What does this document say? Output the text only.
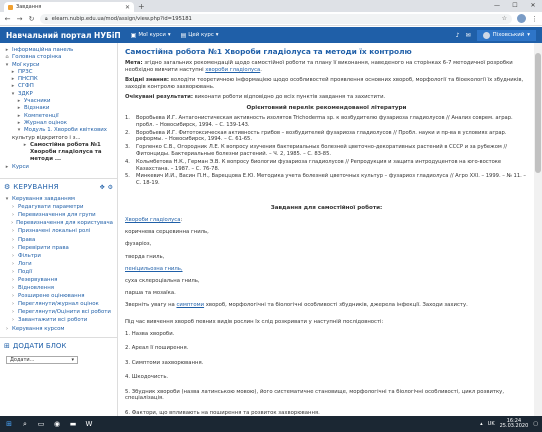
Завдання	✕ +	—	☐	✕
← → ↻ 🔒︎ elearn.nubip.edu.ua/mod/assign/view.php?id=195181	☆	⋮
Навчальний портал НУБіП ▣ Мої курси ▾ ▤ Цей курс ▾	♪ ✉	Піховський ▾
▸ Інформаційна панель
⌂ Головна сторінка
▾ Мої курси
▸ ПРЗС
▸ ПНСПК
▸ СГФП
▾ ЗДКР
▸ Учасники
▸ Відзнаки
▸ Компетенції
▸ Журнал оцінок
▾ Модуль 1. Хвороби квіткових
культур відкритого і з...
▸ Самостійна робота №1
Хвороби гладіолуса та
методи ...
▸ Курси
⚙ КЕРУВАННЯ	✥ ⚙
▾ Керування завданням
› Редагувати параметри
› Перевизначення для групи
› Перевизначення для користувача
› Призначені локальні ролі
› Права
› Перевірити права
› Фільтри
› Логи
› Події
› Резервування
› Відновлення
› Розширене оцінювання
› Переглянути/журнал оцінок
› Переглянути/Оцінити всі роботи
› Завантажити всі роботи
› Керування курсом
⊞ ДОДАТИ БЛОК
Додати...	▾
Самостійна робота №1 Хвороби гладіолуса та методи їх контролю
Мета: згідно загальних рекомендацій щодо самостійної роботи та плану її виконання, наведеного на сторінках 6-7 методичної розробки необхідно вивчити наступні хвороби гладіолуса.
Вхідні знання: володіти теоретичною інформацією щодо особливостей проявлення основних хвороб, морфології та біоекології їх збудників, заходів контролю захворювань.
Очікувані результати: виконати роботи відповідно до всіх пунктів завдання та захистити.
Орієнтовний перелік рекомендованої літератури
1.	Воробьева И.Г. Антагонистическая активность изолятов Trichoderma sp. к возбудителю фузариоза гладиолусов // Анализ соврем. аграр. пробл. – Новосибирск, 1994. – С. 139-143.
2.	Воробьева И.Г. Фитотоксическая активность грибов – возбудителей фузариоза гладиолусов // Пробл. науки и пр-ва в условиях аграр. реформы. – Новосибирск, 1994. – С. 61-65.
3.	Горленко С.В., Огородник Л.Е. К вопросу изучения бактериальных болезней цветочно-декоративных растений в СССР и за рубежом // Фитонциды. Бактериальные болезни растений. – Ч. 2, 1985. – С. 83-85.
4.	Кольмбетова Н.К., Герман Э.В. К вопросу биологии фузариоза гладиолусов // Репродукция и защита интродуцентов на юго-востоке Казахстана. – 1987. – С. 76-78.
5.	Минкевич И.И., Васин П.Н., Вареццова Е.Ю. Методика учета болезней цветочных культур – фузариоз гладиолуса // Агро XXI. – 1999. – № 11. – С. 18-19.
Завдання для самостійної роботи:
Хвороби гладіолуса:
коричнева серцевинна гниль,
фузаріоз,
тверда гниль,
пеніцильозна гниль,
суха склероціальна гниль,
парша та мозаїка.
Зверніть увагу на симптоми хвороб, морфологічні та біологічні особливості збудників, джерела інфекції. Заходи захисту.
Під час вивчення хвороб певних видів рослин їх слід розкривати у наступній послідовності:
1. Назва хвороби.
2. Ареал її поширення.
3. Симптоми захворювання.
4. Шкодочисть.
5. Збудник хвороби (назва латинською мовою), його систематичне становище, морфологічні та біологічні особливості, цикл розвитку, спеціалізація.
6. Фактори, що впливають на поширення та розвиток захворювання.
⊞	⌕	▭ ◉ ▬ W	▴ UK
16:24
25.03.2020 ▢
